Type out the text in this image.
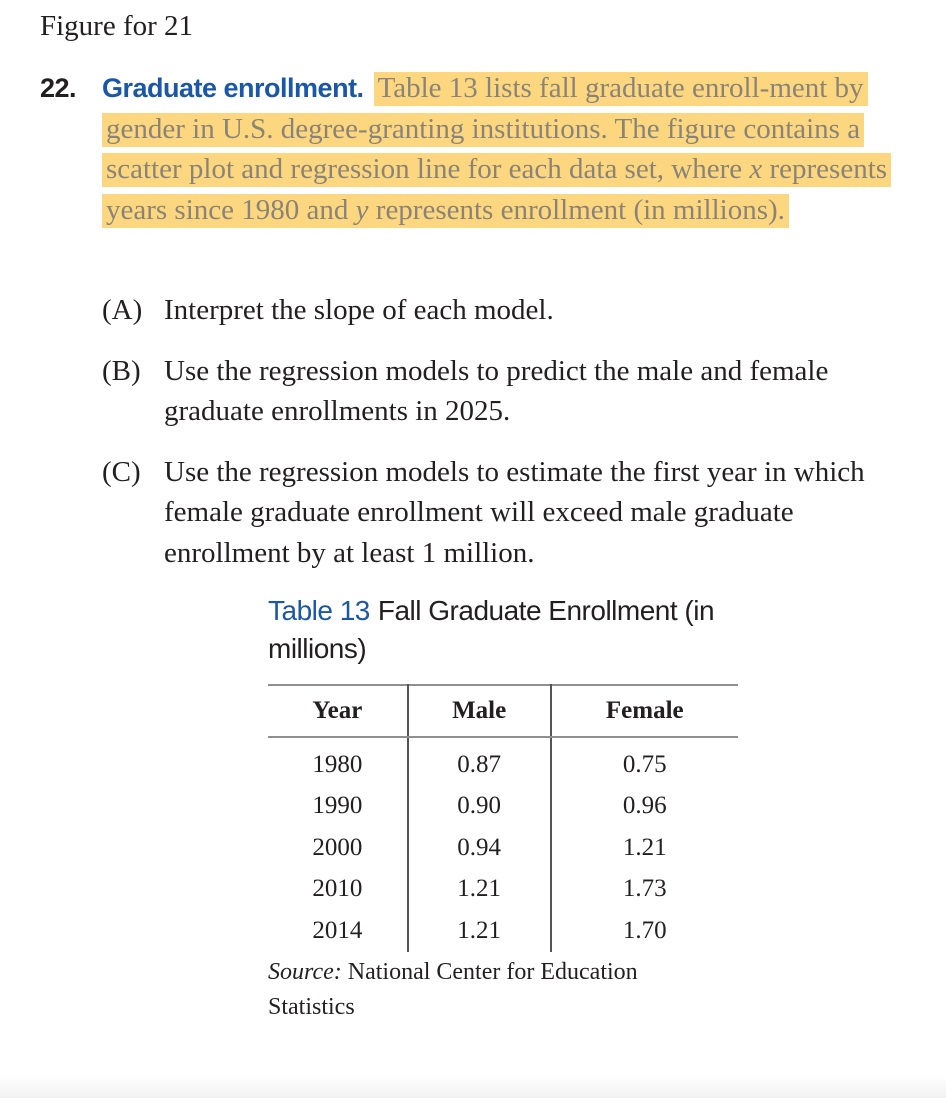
Figure for 21
22. Graduate enrollment. Table 13 lists fall graduate enroll-ment by gender in U.S. degree-granting institutions. The figure contains a scatter plot and regression line for each data set, where x represents years since 1980 and y represents enrollment (in millions).
(A) Interpret the slope of each model.
(B) Use the regression models to predict the male and female graduate enrollments in 2025.
(C) Use the regression models to estimate the first year in which female graduate enrollment will exceed male graduate enrollment by at least 1 million.
Table 13 Fall Graduate Enrollment (in millions)
Year	Male	Female
1980	0.87	0.75
1990	0.90	0.96
2000	0.94	1.21
2010	1.21	1.73
2014	1.21	1.70
Source: National Center for Education Statistics
